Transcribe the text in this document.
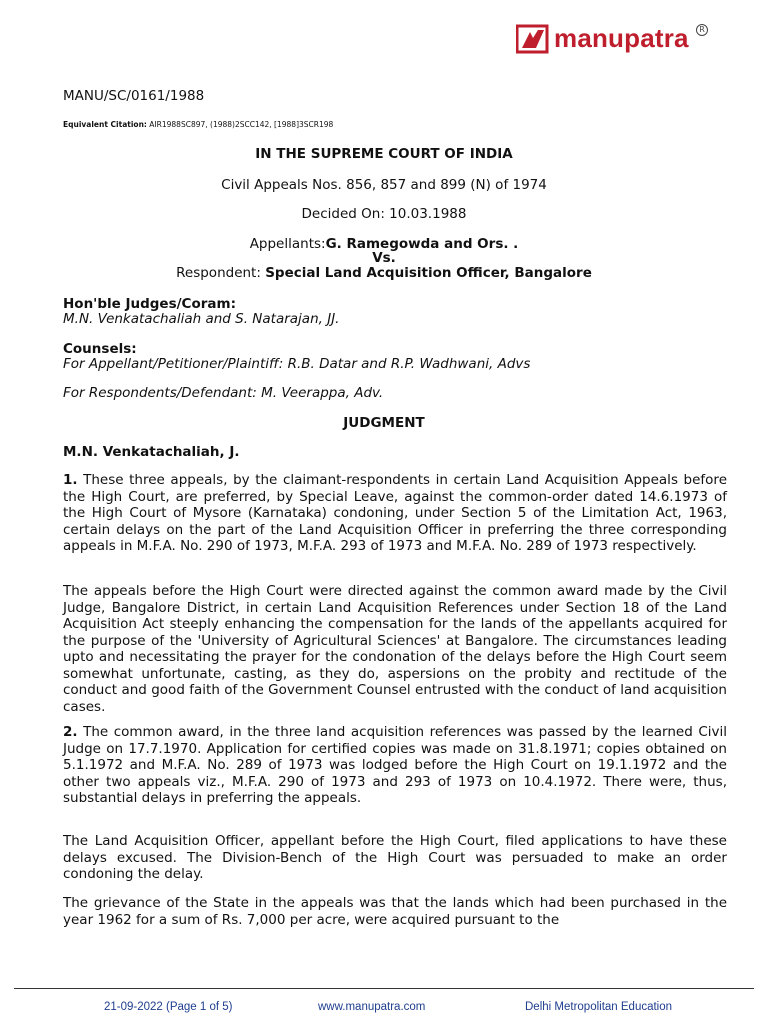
manupatra	R
MANU/SC/0161/1988
Equivalent Citation: AIR1988SC897, (1988)2SCC142, [1988]3SCR198
IN THE SUPREME COURT OF INDIA
Civil Appeals Nos. 856, 857 and 899 (N) of 1974
Decided On: 10.03.1988
Appellants:G. Ramegowda and Ors. .
Vs.
Respondent: Special Land Acquisition Officer, Bangalore
Hon'ble Judges/Coram:
M.N. Venkatachaliah and S. Natarajan, JJ.
Counsels:
For Appellant/Petitioner/Plaintiff: R.B. Datar and R.P. Wadhwani, Advs
For Respondents/Defendant: M. Veerappa, Adv.
JUDGMENT
M.N. Venkatachaliah, J.

1. These three appeals, by the claimant-respondents in certain Land Acquisition Appeals before the High Court, are preferred, by Special Leave, against the common-order dated 14.6.1973 of the High Court of Mysore (Karnataka) condoning, under Section 5 of the Limitation Act, 1963, certain delays on the part of the Land Acquisition Officer in preferring the three corresponding appeals in M.F.A. No. 290 of 1973, M.F.A. 293 of 1973 and M.F.A. No. 289 of 1973 respectively.

The appeals before the High Court were directed against the common award made by the Civil Judge, Bangalore District, in certain Land Acquisition References under Section 18 of the Land Acquisition Act steeply enhancing the compensation for the lands of the appellants acquired for the purpose of the 'University of Agricultural Sciences' at Bangalore. The circumstances leading upto and necessitating the prayer for the condonation of the delays before the High Court seem somewhat unfortunate, casting, as they do, aspersions on the probity and rectitude of the conduct and good faith of the Government Counsel entrusted with the conduct of land acquisition cases.

2. The common award, in the three land acquisition references was passed by the learned Civil Judge on 17.7.1970. Application for certified copies was made on 31.8.1971; copies obtained on 5.1.1972 and M.F.A. No. 289 of 1973 was lodged before the High Court on 19.1.1972 and the other two appeals viz., M.F.A. 290 of 1973 and 293 of 1973 on 10.4.1972. There were, thus, substantial delays in preferring the appeals.

The Land Acquisition Officer, appellant before the High Court, filed applications to have these delays excused. The Division-Bench of the High Court was persuaded to make an order condoning the delay.

The grievance of the State in the appeals was that the lands which had been purchased in the year 1962 for a sum of Rs. 7,000 per acre, were acquired pursuant to the

21-09-2022 (Page 1 of 5)	www.manupatra.com	Delhi Metropolitan Education
